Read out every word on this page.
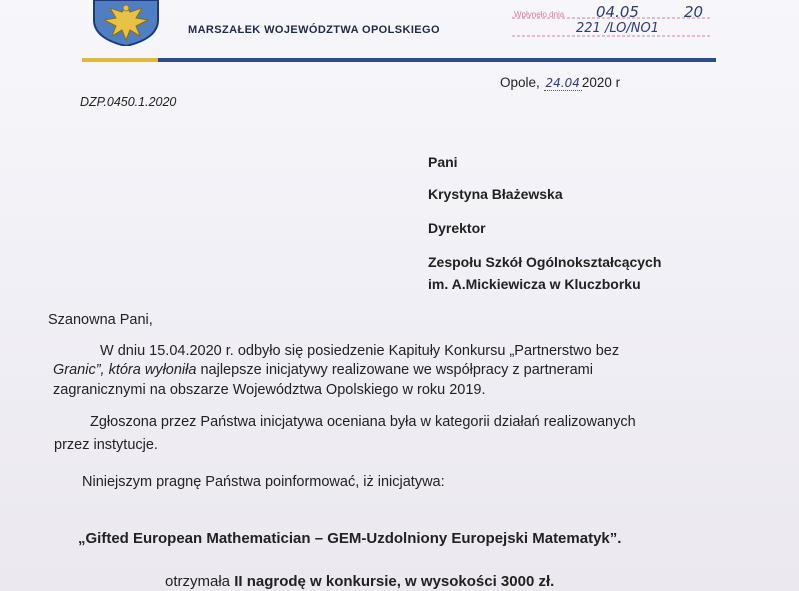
MARSZAŁEK WOJEWÓDZTWA OPOLSKIEGO
Wpłynęło dnia 04.05	20
221 /LO/NO1
Opole, 24.04 2020 r
DZP.0450.1.2020
Pani
Krystyna Błażewska
Dyrektor
Zespołu Szkół Ogólnokształcących
im. A.Mickiewicza w Kluczborku
Szanowna Pani,
W dniu 15.04.2020 r. odbyło się posiedzenie Kapituły Konkursu „Partnerstwo bez
Granic”, która wyłoniła najlepsze inicjatywy realizowane we współpracy z partnerami
zagranicznymi na obszarze Województwa Opolskiego w roku 2019.
Zgłoszona przez Państwa inicjatywa oceniana była w kategorii działań realizowanych
przez instytucje.
Niniejszym pragnę Państwa poinformować, iż inicjatywa:
„Gifted European Mathematician – GEM-Uzdolniony Europejski Matematyk”.
otrzymała II nagrodę w konkursie, w wysokości 3000 zł.
